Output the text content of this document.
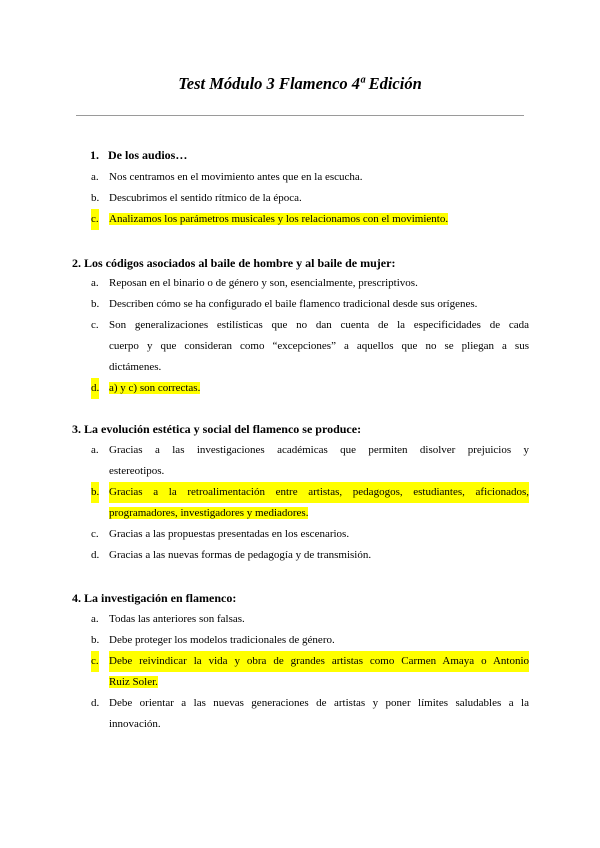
Test Módulo 3 Flamenco 4ª Edición
1. De los audios…
a. Nos centramos en el movimiento antes que en la escucha.
b. Descubrimos el sentido rítmico de la época.
c. Analizamos los parámetros musicales y los relacionamos con el movimiento.
2. Los códigos asociados al baile de hombre y al baile de mujer:
a. Reposan en el binario o de género y son, esencialmente, prescriptivos.
b. Describen cómo se ha configurado el baile flamenco tradicional desde sus orígenes.
c. Son generalizaciones estilísticas que no dan cuenta de la especificidades de cada
cuerpo y que consideran como “excepciones” a aquellos que no se pliegan a sus
dictámenes.
d. a) y c) son correctas.
3. La evolución estética y social del flamenco se produce:
a. Gracias a las investigaciones académicas que permiten disolver prejuicios y
estereotipos.
b. Gracias a la retroalimentación entre artistas, pedagogos, estudiantes, aficionados,
programadores, investigadores y mediadores.
c. Gracias a las propuestas presentadas en los escenarios.
d. Gracias a las nuevas formas de pedagogía y de transmisión.
4. La investigación en flamenco:
a. Todas las anteriores son falsas.
b. Debe proteger los modelos tradicionales de género.
c. Debe reivindicar la vida y obra de grandes artistas como Carmen Amaya o Antonio
Ruiz Soler.
d. Debe orientar a las nuevas generaciones de artistas y poner límites saludables a la
innovación.
